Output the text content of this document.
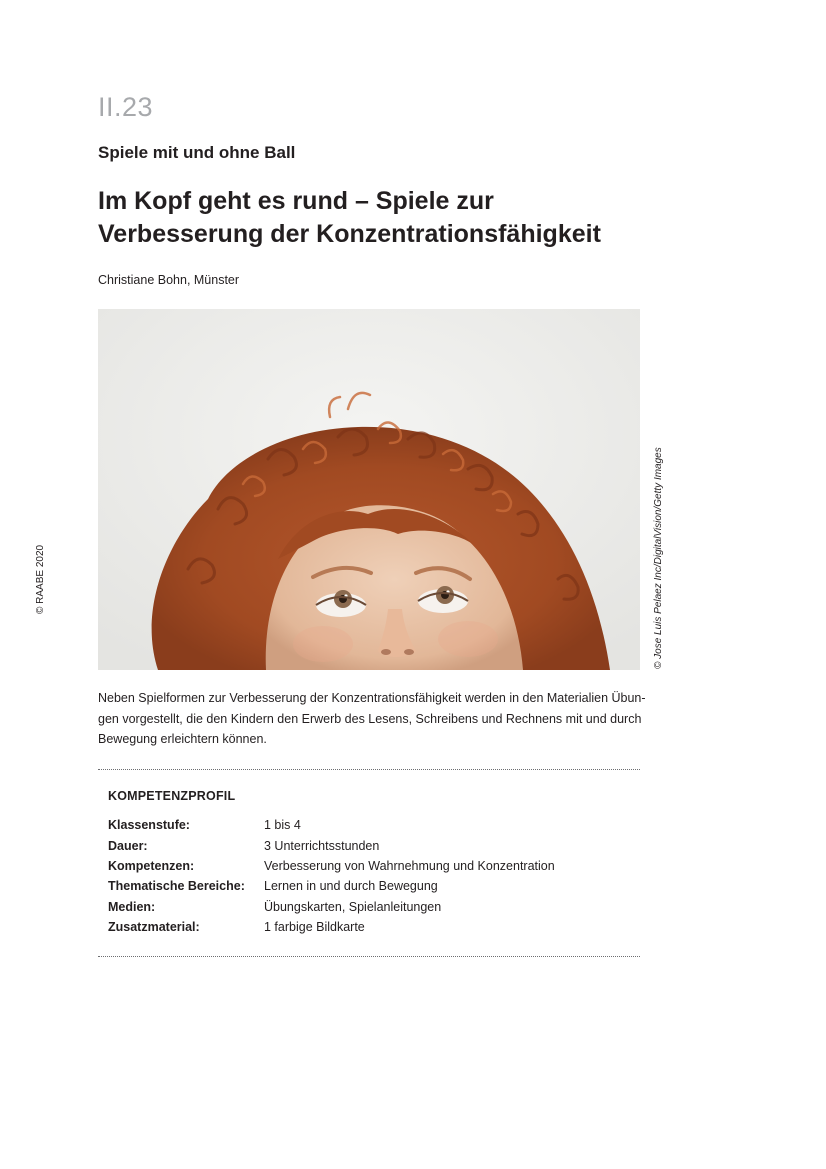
II.23
Spiele mit und ohne Ball
Im Kopf geht es rund – Spiele zur
Verbesserung der Konzentrationsfähigkeit
Christiane Bohn, Münster
© Jose Luis Pelaez Inc/DigitalVision/Getty Images
© RAABE 2020
Neben Spielformen zur Verbesserung der Konzentrationsfähigkeit werden in den Materialien Übun-
gen vorgestellt, die den Kindern den Erwerb des Lesens, Schreibens und Rechnens mit und durch
Bewegung erleichtern können.
KOMPETENZPROFIL
Klassenstufe:	1 bis 4
Dauer:	3 Unterrichtsstunden
Kompetenzen:	Verbesserung von Wahrnehmung und Konzentration
Thematische Bereiche:	Lernen in und durch Bewegung
Medien:	Übungskarten, Spielanleitungen
Zusatzmaterial:	1 farbige Bildkarte
